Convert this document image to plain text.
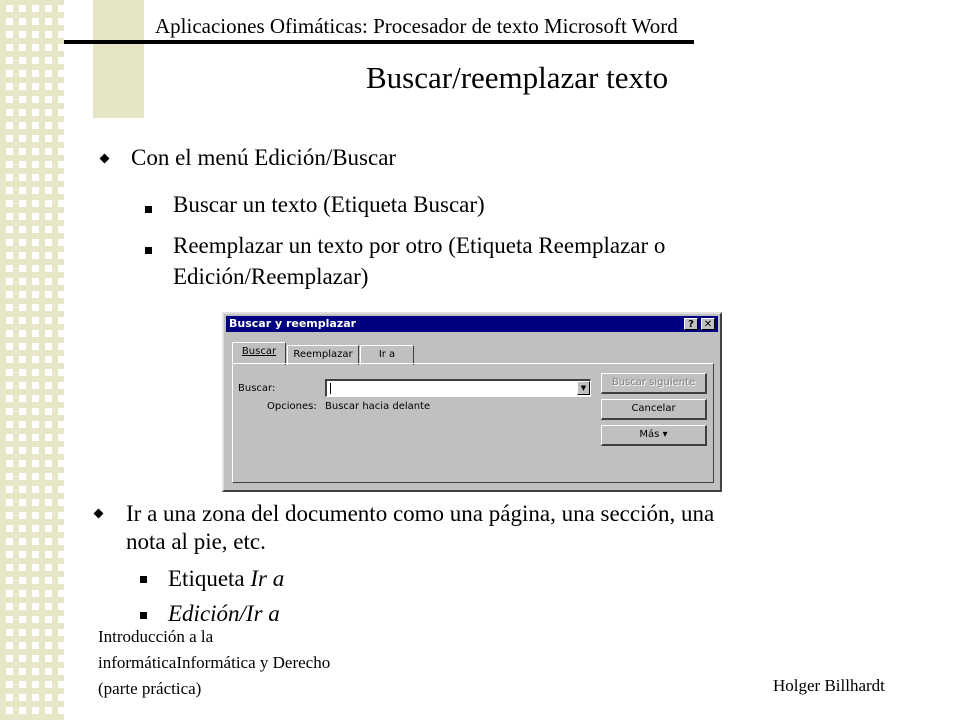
Aplicaciones Ofimáticas: Procesador de texto Microsoft Word
Buscar/reemplazar texto
Con el menú Edición/Buscar
Buscar un texto (Etiqueta Buscar)
Reemplazar un texto por otro (Etiqueta Reemplazar o
Edición/Reemplazar)
Buscar y reemplazar	? ✕
Buscar	Reemplazar	Ir a
Buscar:	▼
Opciones: Buscar hacia delante
Buscar siguiente
Cancelar
Más ▾
Ir a una zona del documento como una página, una sección, una
nota al pie, etc.
Etiqueta Ir a
Edición/Ir a
Introducción a la
informáticaInformática y Derecho
(parte práctica)	Holger Billhardt
